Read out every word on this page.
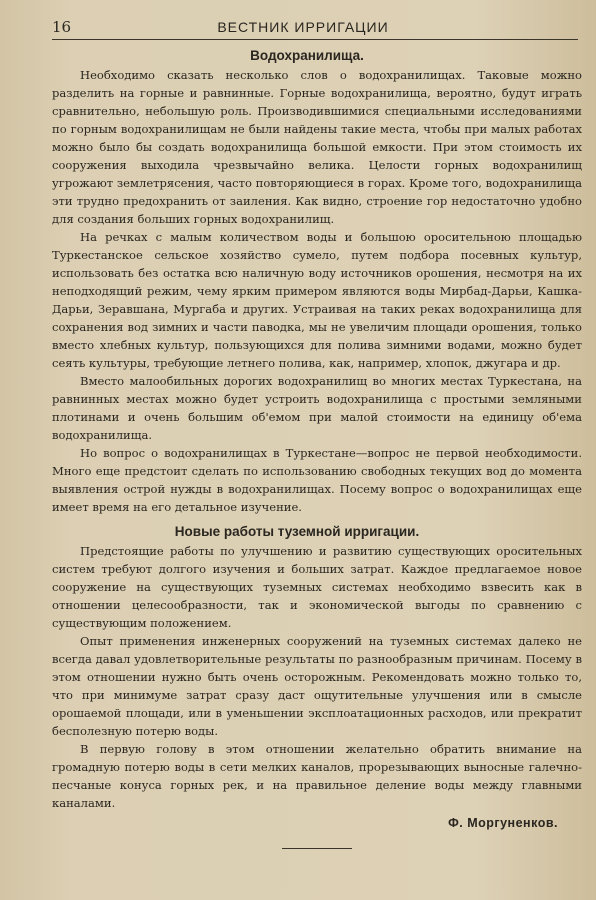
16	ВЕСТНИК ИРРИГАЦИИ
Водохранилища.

Необходимо сказать несколько слов о водохранилищах. Таковые можно разделить на горные и равнинные. Горные водохранилища, вероятно, будут играть сравнительно, небольшую роль. Производившимися специальными исследованиями по горным водохранилищам не были найдены такие места, чтобы при малых работах можно было бы создать водохранилища большой емкости. При этом стоимость их сооружения выходила чрезвычайно велика. Целости горных водохранилищ угрожают землетрясения, часто повторяющиеся в горах. Кроме того, водохранилища эти трудно предохранить от заиления. Как видно, строение гор недостаточно удобно для создания больших горных водохранилищ.

На речках с малым количеством воды и большою оросительною площадью Туркестанское сельское хозяйство сумело, путем подбора посевных культур, использовать без остатка всю наличную воду источников орошения, несмотря на их неподходящий режим, чему ярким примером являются воды Мирбад-Дарьи, Кашка-Дарьи, Зеравшана, Мургаба и других. Устраивая на таких реках водохранилища для сохранения вод зимних и части паводка, мы не увеличим площади орошения, только вместо хлебных культур, пользующихся для полива зимними водами, можно будет сеять культуры, требующие летнего полива, как, например, хлопок, джугара и др.

Вместо малообильных дорогих водохранилищ во многих местах Туркестана, на равнинных местах можно будет устроить водохранилища с простыми земляными плотинами и очень большим об'емом при малой стоимости на единицу об'ема водохранилища.

Но вопрос о водохранилищах в Туркестане—вопрос не первой необходимости. Много еще предстоит сделать по использованию свободных текущих вод до момента выявления острой нужды в водохранилищах. Посему вопрос о водохранилищах еще имеет время на его детальное изучение.

Новые работы туземной ирригации.

Предстоящие работы по улучшению и развитию существующих оросительных систем требуют долгого изучения и больших затрат. Каждое предлагаемое новое сооружение на существующих туземных системах необходимо взвесить как в отношении целесообразности, так и экономической выгоды по сравнению с существующим положением.

Опыт применения инженерных сооружений на туземных системах далеко не всегда давал удовлетворительные результаты по разнообразным причинам. Посему в этом отношении нужно быть очень осторожным. Рекомендовать можно только то, что при минимуме затрат сразу даст ощутительные улучшения или в смысле орошаемой площади, или в уменьшении эксплоатационных расходов, или прекратит бесполезную потерю воды.

В первую голову в этом отношении желательно обратить внимание на громадную потерю воды в сети мелких каналов, прорезывающих выносные галечно-песчаные конуса горных рек, и на правильное деление воды между главными каналами.

Ф. Моргуненков.
